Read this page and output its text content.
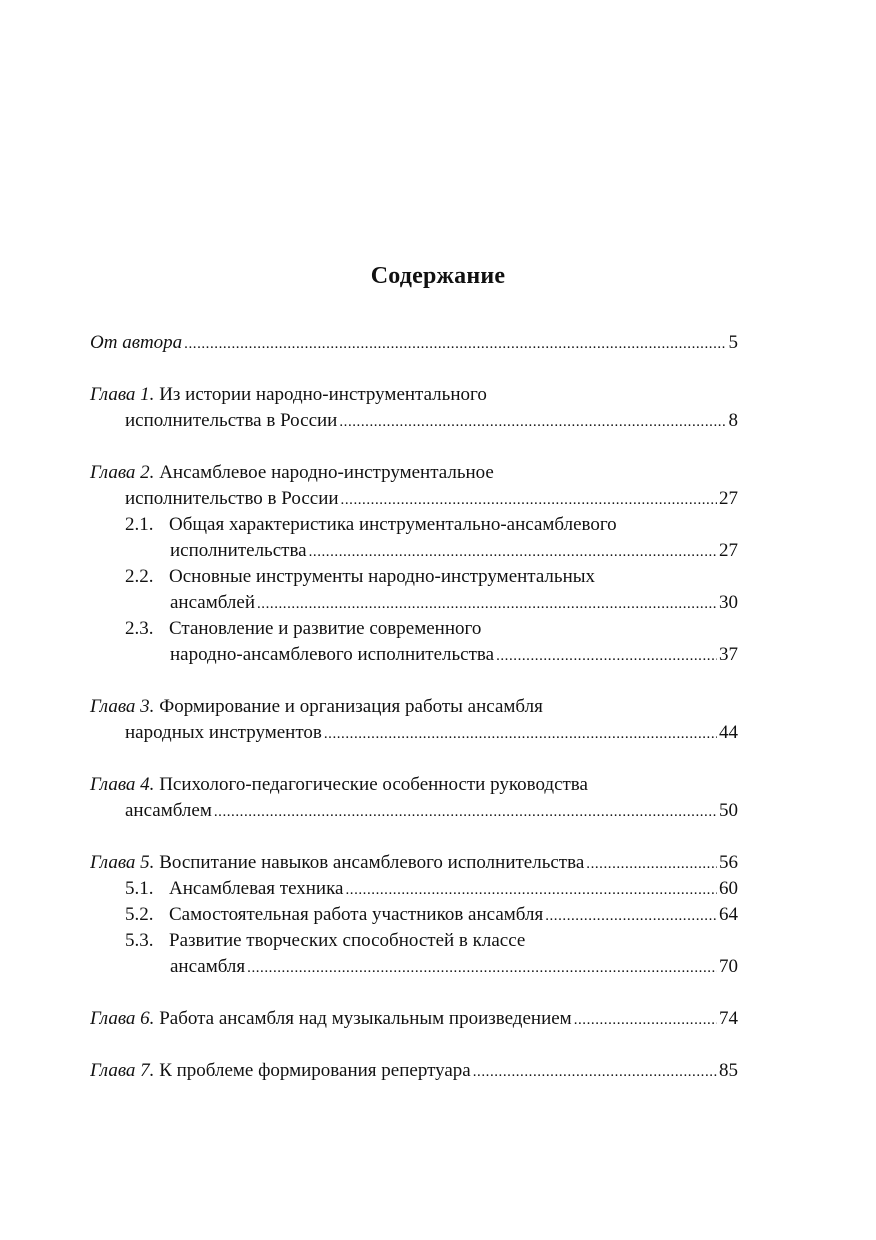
Содержание
От автора . . .	5
Глава 1. Из истории народно-инструментального
исполнительства в России . . .	8
Глава 2. Ансамблевое народно-инструментальное
исполнительство в России . . .	27
2.1. Общая характеристика инструментально-ансамблевого
исполнительства . . .	27
2.2. Основные инструменты народно-инструментальных
ансамблей . . .	30
2.3. Становление и развитие современного
народно-ансамблевого исполнительства . . .	37
Глава 3. Формирование и организация работы ансамбля
народных инструментов . . .	44
Глава 4. Психолого-педагогические особенности руководства
ансамблем . . .	50
Глава 5. Воспитание навыков ансамблевого исполнительства . . .	56
5.1. Ансамблевая техника . . .	60
5.2. Самостоятельная работа участников ансамбля . . .	64
5.3. Развитие творческих способностей в классе
ансамбля . . .	70
Глава 6. Работа ансамбля над музыкальным произведением . . .	74
Глава 7. К проблеме формирования репертуара . . .	85
